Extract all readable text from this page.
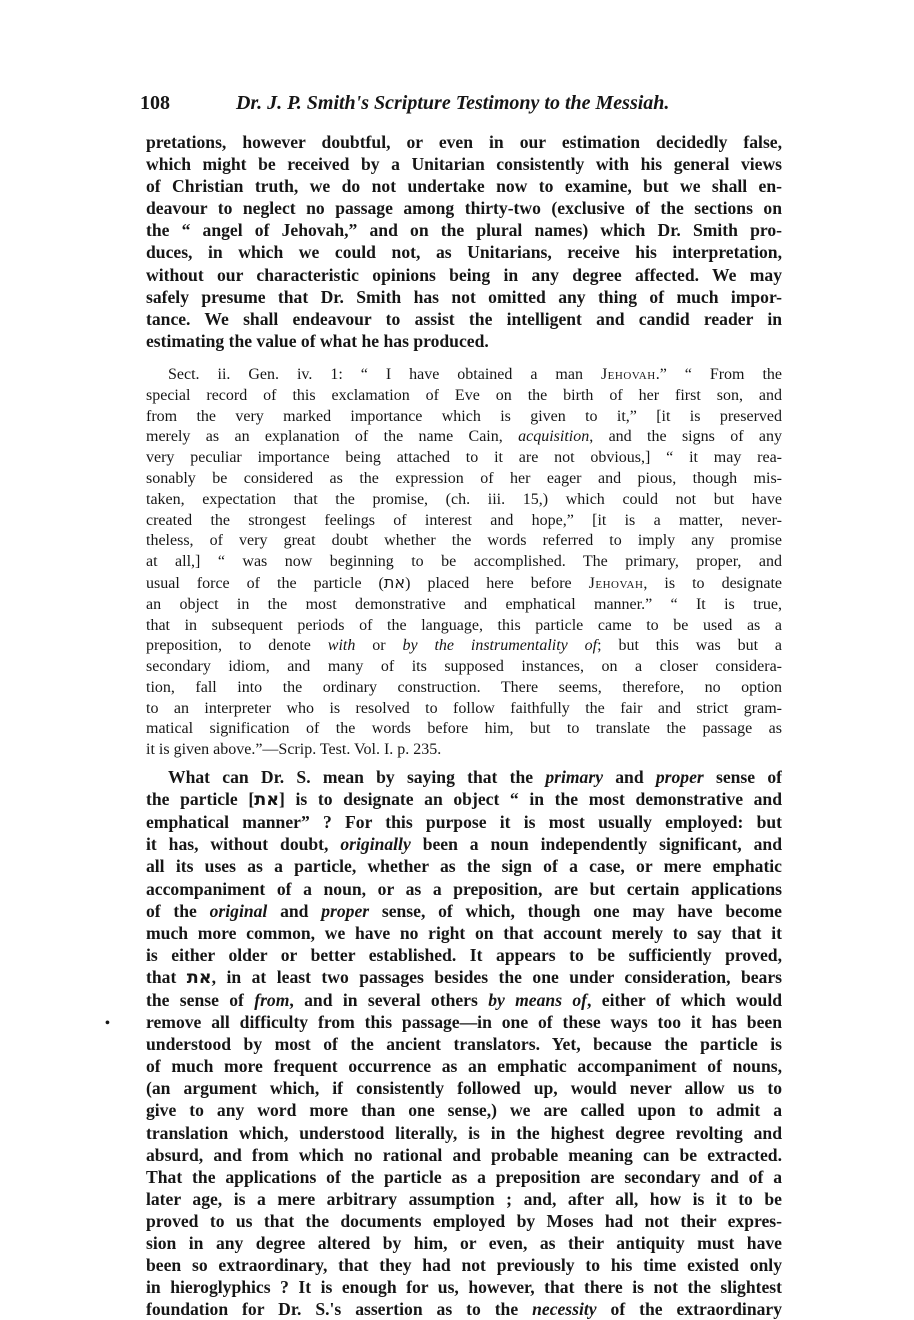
108	Dr. J. P. Smith's Scripture Testimony to the Messiah.
•
pretations, however doubtful, or even in our estimation decidedly false,
which might be received by a Unitarian consistently with his general views
of Christian truth, we do not undertake now to examine, but we shall en-
deavour to neglect no passage among thirty-two (exclusive of the sections on
the “ angel of Jehovah,” and on the plural names) which Dr. Smith pro-
duces, in which we could not, as Unitarians, receive his interpretation,
without our characteristic opinions being in any degree affected. We may
safely presume that Dr. Smith has not omitted any thing of much impor-
tance. We shall endeavour to assist the intelligent and candid reader in
estimating the value of what he has produced.
Sect. ii. Gen. iv. 1: “ I have obtained a man Jehovah.” “ From the
special record of this exclamation of Eve on the birth of her first son, and
from the very marked importance which is given to it,” [it is preserved
merely as an explanation of the name Cain, acquisition, and the signs of any
very peculiar importance being attached to it are not obvious,] “ it may rea-
sonably be considered as the expression of her eager and pious, though mis-
taken, expectation that the promise, (ch. iii. 15,) which could not but have
created the strongest feelings of interest and hope,” [it is a matter, never-
theless, of very great doubt whether the words referred to imply any promise
at all,] “ was now beginning to be accomplished. The primary, proper, and
usual force of the particle (את) placed here before Jehovah, is to designate
an object in the most demonstrative and emphatical manner.” “ It is true,
that in subsequent periods of the language, this particle came to be used as a
preposition, to denote with or by the instrumentality of; but this was but a
secondary idiom, and many of its supposed instances, on a closer considera-
tion, fall into the ordinary construction. There seems, therefore, no option
to an interpreter who is resolved to follow faithfully the fair and strict gram-
matical signification of the words before him, but to translate the passage as
it is given above.”—Scrip. Test. Vol. I. p. 235.
What can Dr. S. mean by saying that the primary and proper sense of
the particle [את] is to designate an object “ in the most demonstrative and
emphatical manner” ? For this purpose it is most usually employed: but
it has, without doubt, originally been a noun independently significant, and
all its uses as a particle, whether as the sign of a case, or mere emphatic
accompaniment of a noun, or as a preposition, are but certain applications
of the original and proper sense, of which, though one may have become
much more common, we have no right on that account merely to say that it
is either older or better established. It appears to be sufficiently proved,
that את, in at least two passages besides the one under consideration, bears
the sense of from, and in several others by means of, either of which would
remove all difficulty from this passage—in one of these ways too it has been
understood by most of the ancient translators. Yet, because the particle is
of much more frequent occurrence as an emphatic accompaniment of nouns,
(an argument which, if consistently followed up, would never allow us to
give to any word more than one sense,) we are called upon to admit a
translation which, understood literally, is in the highest degree revolting and
absurd, and from which no rational and probable meaning can be extracted.
That the applications of the particle as a preposition are secondary and of a
later age, is a mere arbitrary assumption ; and, after all, how is it to be
proved to us that the documents employed by Moses had not their expres-
sion in any degree altered by him, or even, as their antiquity must have
been so extraordinary, that they had not previously to his time existed only
in hieroglyphics ? It is enough for us, however, that there is not the slightest
foundation for Dr. S.'s assertion as to the necessity of the extraordinary
